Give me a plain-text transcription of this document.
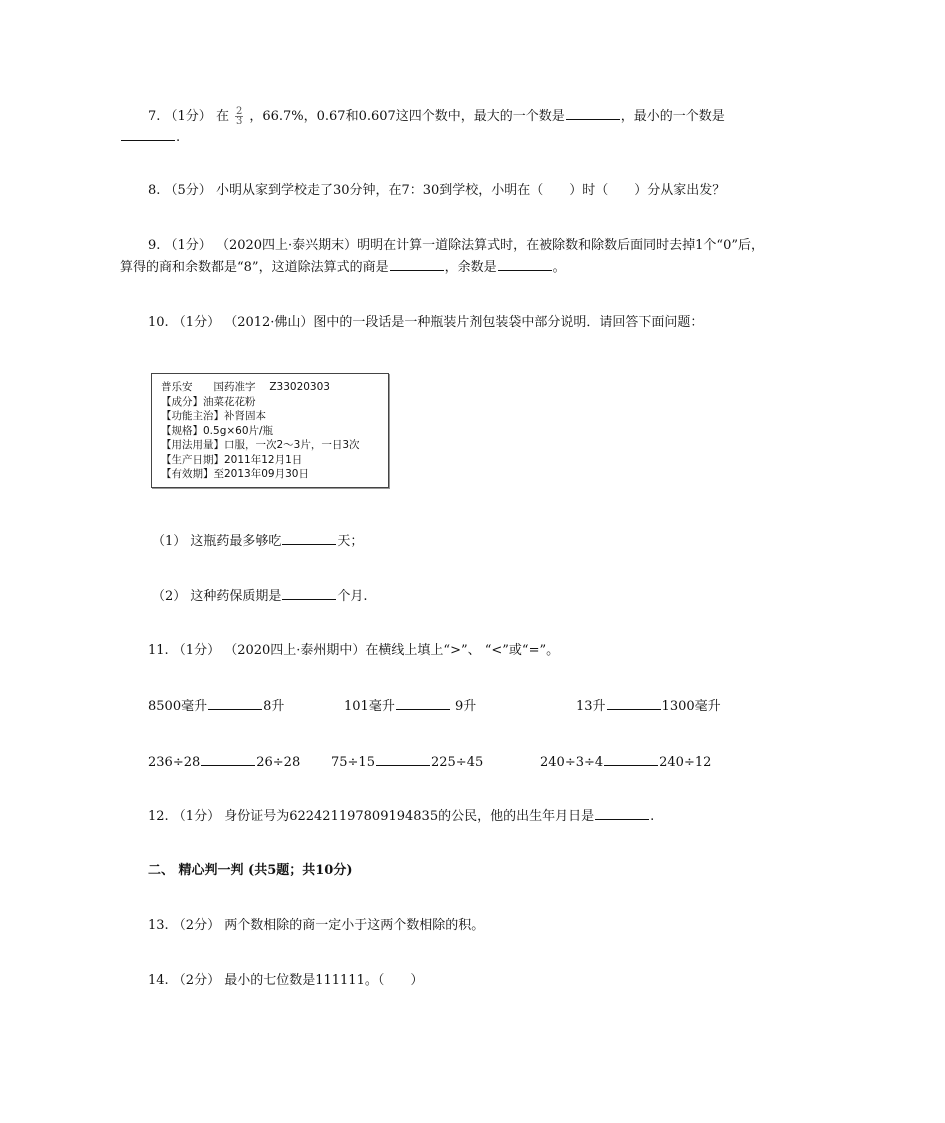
7. （1分） 在 $\frac{2}{3}$ ，66.7%，0.67和0.607这四个数中，最大的一个数是	，最小的一个数是
.
8. （5分） 小明从家到学校走了30分钟，在7：30到学校，小明在（　　）时（　　）分从家出发？
9. （1分） （2020四上·泰兴期末）明明在计算一道除法算式时，在被除数和除数后面同时去掉1个“0”后，
算得的商和余数都是“8”，这道除法算式的商是	，余数是	。
10. （1分） （2012·佛山）图中的一段话是一种瓶装片剂包装袋中部分说明．请回答下面问题：
普乐安　　国药准字　 Z33020303
【成分】油菜花花粉
【功能主治】补肾固本
【规格】0.5g×60片/瓶
【用法用量】口服，一次2～3片，一日3次
【生产日期】2011年12月1日
【有效期】至2013年09月30日
（1） 这瓶药最多够吃	天；
（2） 这种药保质期是	个月.
11. （1分） （2020四上·泰州期中）在横线上填上“>”、 “<”或“=”。
8500毫升	8升	101毫升	9升	13升	1300毫升
236÷28	26÷28 75÷15	225÷45	240÷3÷4	240÷12
12. （1分） 身份证号为622421197809194835的公民，他的出生年月日是	.
二、 精心判一判 (共5题；共10分)
13. （2分） 两个数相除的商一定小于这两个数相除的积。
14. （2分） 最小的七位数是111111。（　　）
